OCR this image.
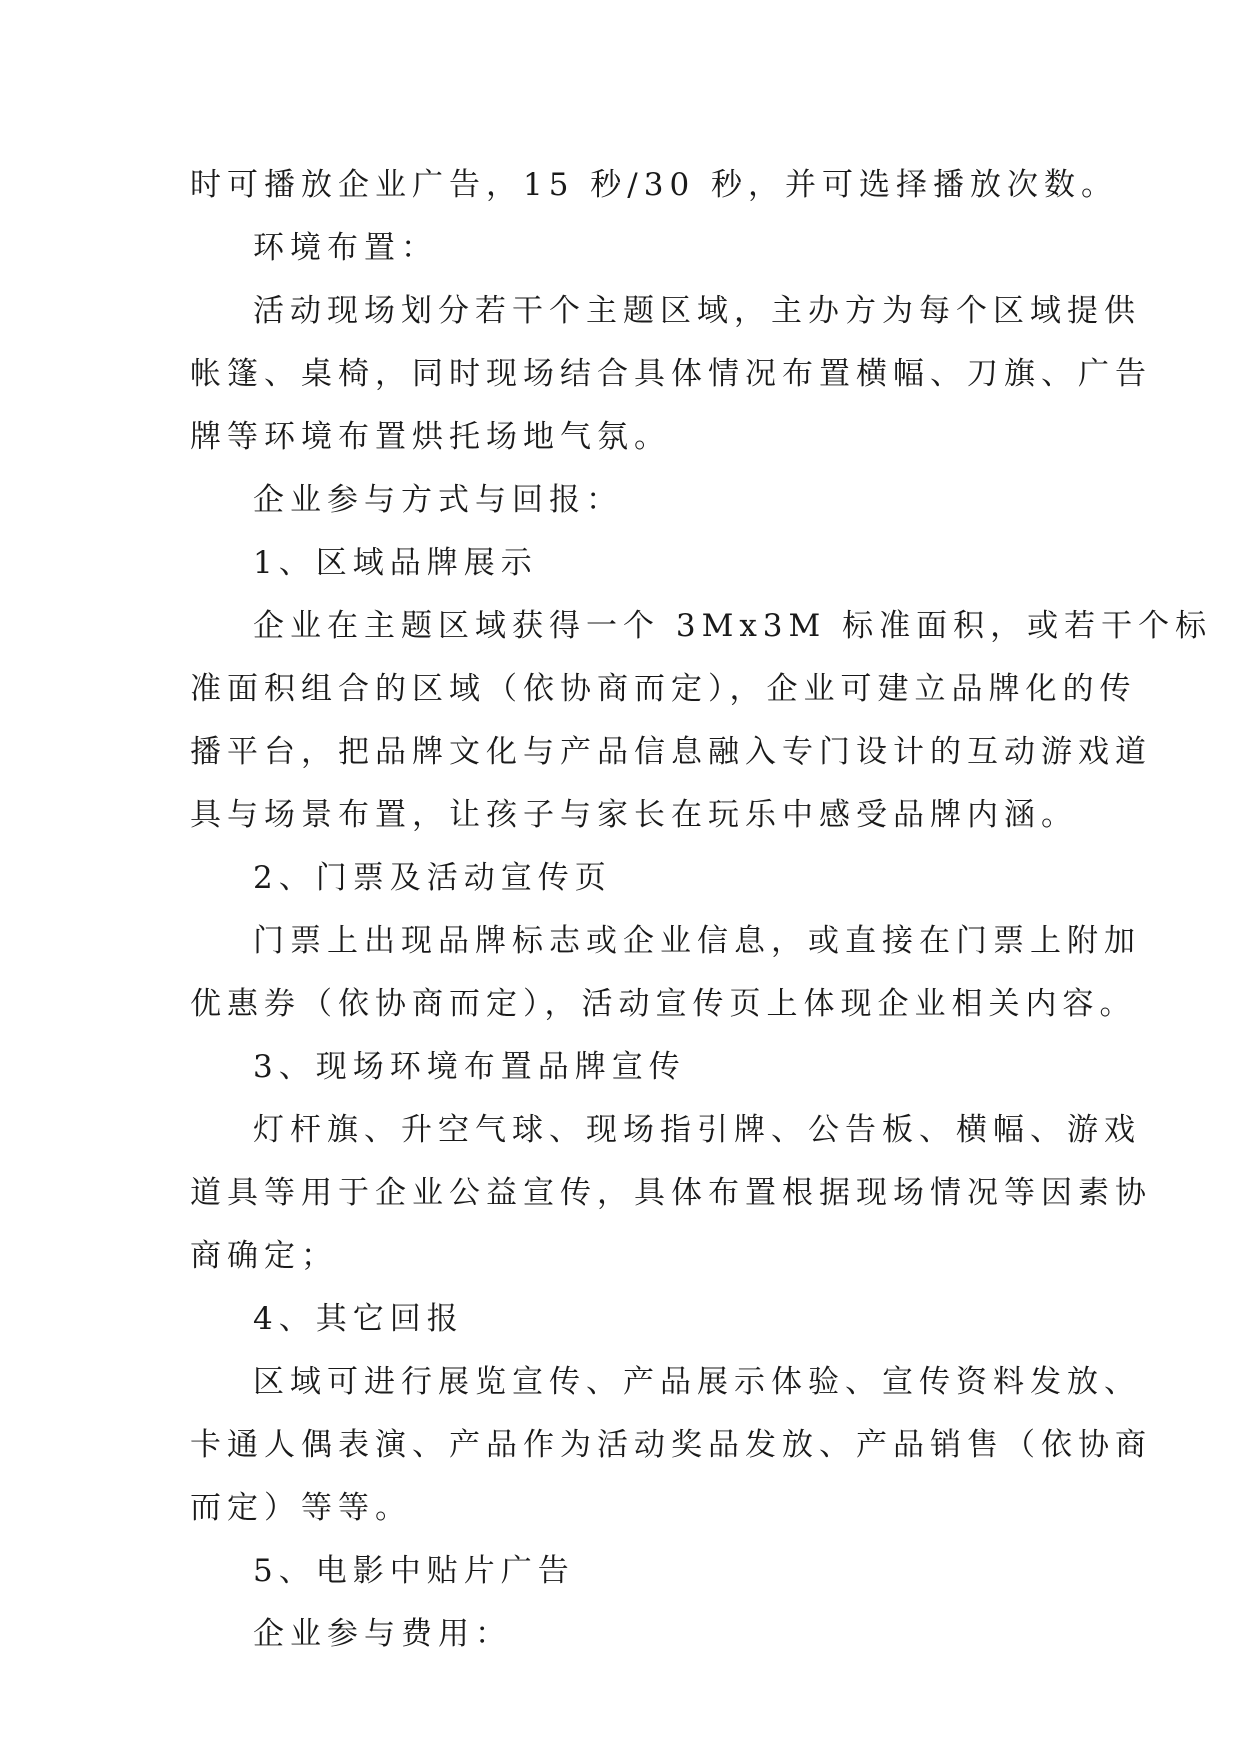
时可播放企业广告，15 秒/30 秒，并可选择播放次数。
环境布置：
活动现场划分若干个主题区域，主办方为每个区域提供
帐篷、桌椅，同时现场结合具体情况布置横幅、刀旗、广告
牌等环境布置烘托场地气氛。
企业参与方式与回报：
1、区域品牌展示
企业在主题区域获得一个 3Mx3M 标准面积，或若干个标
准面积组合的区域（依协商而定），企业可建立品牌化的传
播平台，把品牌文化与产品信息融入专门设计的互动游戏道
具与场景布置，让孩子与家长在玩乐中感受品牌内涵。
2、门票及活动宣传页
门票上出现品牌标志或企业信息，或直接在门票上附加
优惠券（依协商而定），活动宣传页上体现企业相关内容。
3、现场环境布置品牌宣传
灯杆旗、升空气球、现场指引牌、公告板、横幅、游戏
道具等用于企业公益宣传，具体布置根据现场情况等因素协
商确定；
4、其它回报
区域可进行展览宣传、产品展示体验、宣传资料发放、
卡通人偶表演、产品作为活动奖品发放、产品销售（依协商
而定）等等。
5、电影中贴片广告
企业参与费用：
